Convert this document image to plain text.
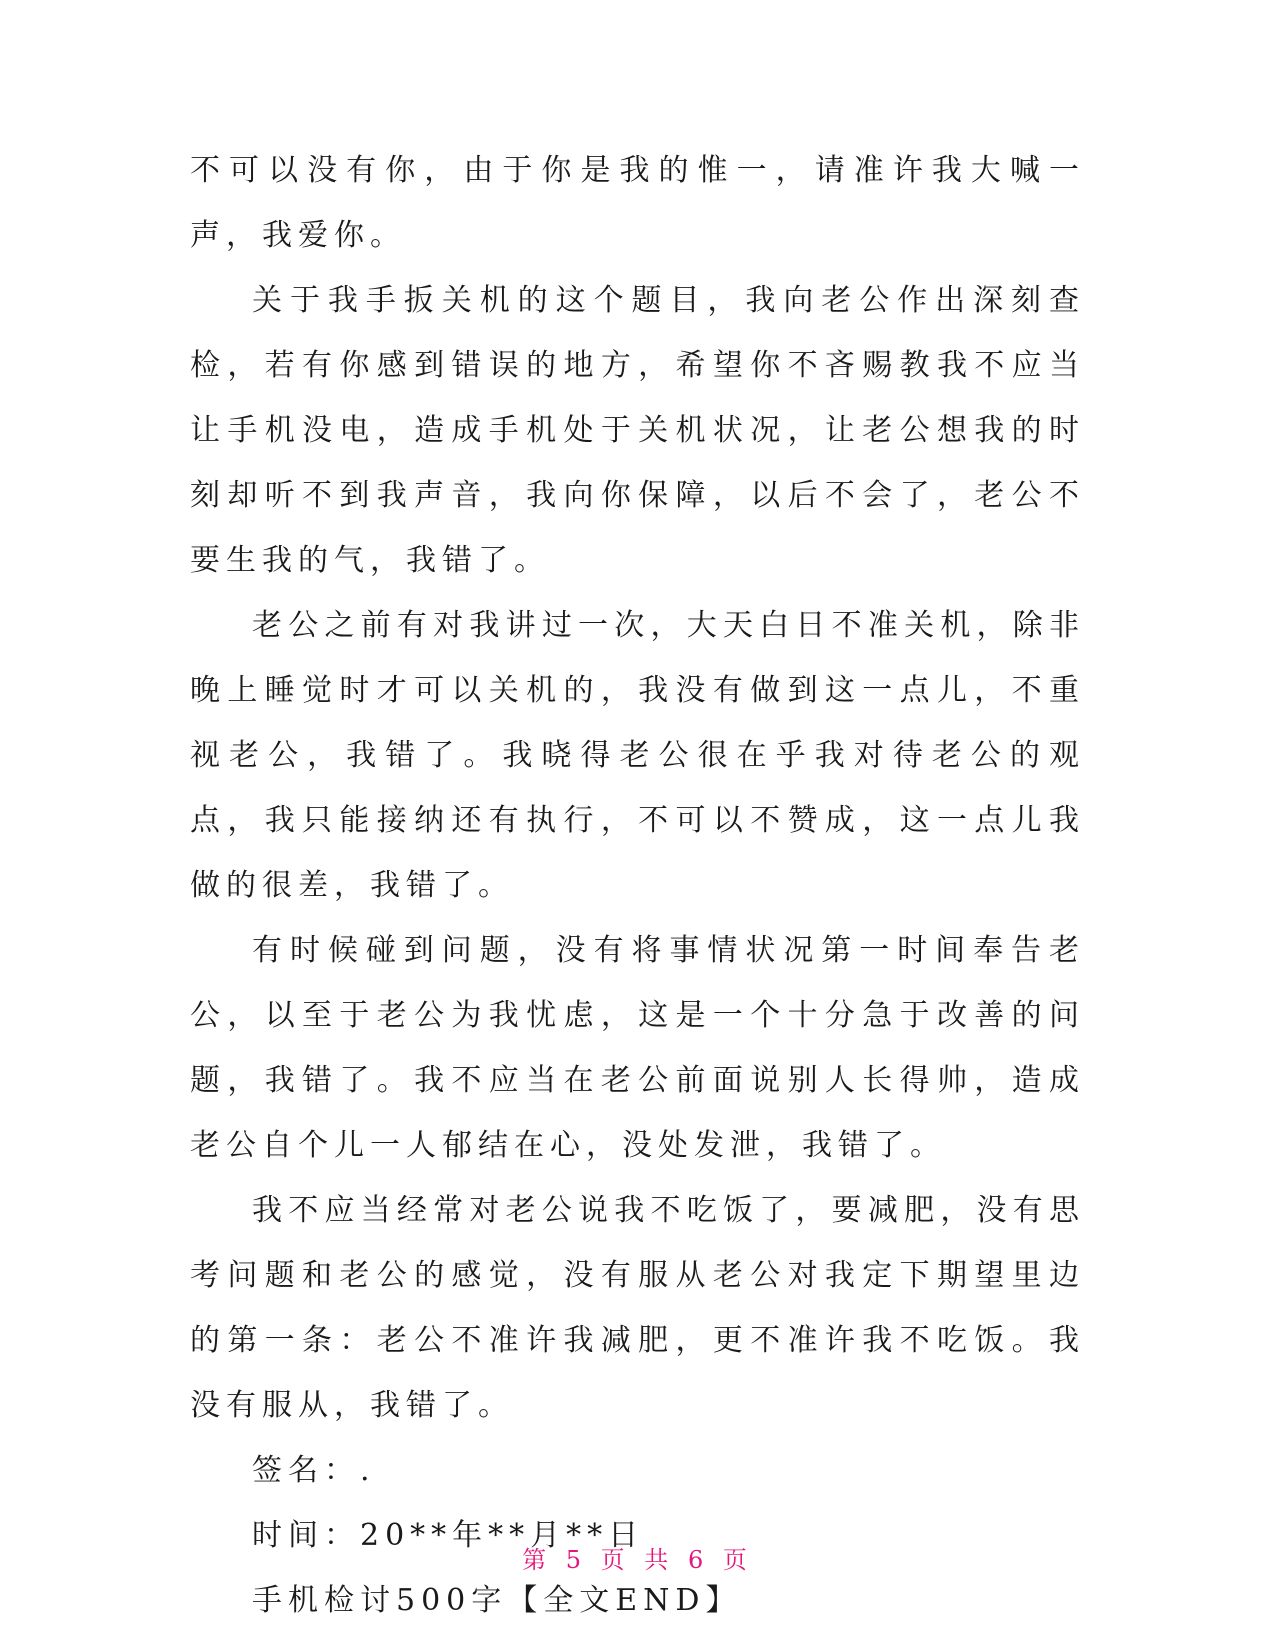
不可以没有你，由于你是我的惟一，请准许我大喊一声，我爱你。

关于我手扳关机的这个题目，我向老公作出深刻查检，若有你感到错误的地方，希望你不吝赐教我不应当让手机没电，造成手机处于关机状况，让老公想我的时刻却听不到我声音，我向你保障，以后不会了，老公不要生我的气，我错了。

老公之前有对我讲过一次，大天白日不准关机，除非晚上睡觉时才可以关机的，我没有做到这一点儿，不重视老公，我错了。我晓得老公很在乎我对待老公的观点，我只能接纳还有执行，不可以不赞成，这一点儿我做的很差，我错了。

有时候碰到问题，没有将事情状况第一时间奉告老公，以至于老公为我忧虑，这是一个十分急于改善的问题，我错了。我不应当在老公前面说别人长得帅，造成老公自个儿一人郁结在心，没处发泄，我错了。

我不应当经常对老公说我不吃饭了，要减肥，没有思考问题和老公的感觉，没有服从老公对我定下期望里边的第一条：老公不准许我减肥，更不准许我不吃饭。我没有服从，我错了。

签名：.

时间：20**年**月**日

手机检讨500字【全文END】

第 5 页 共 6 页
